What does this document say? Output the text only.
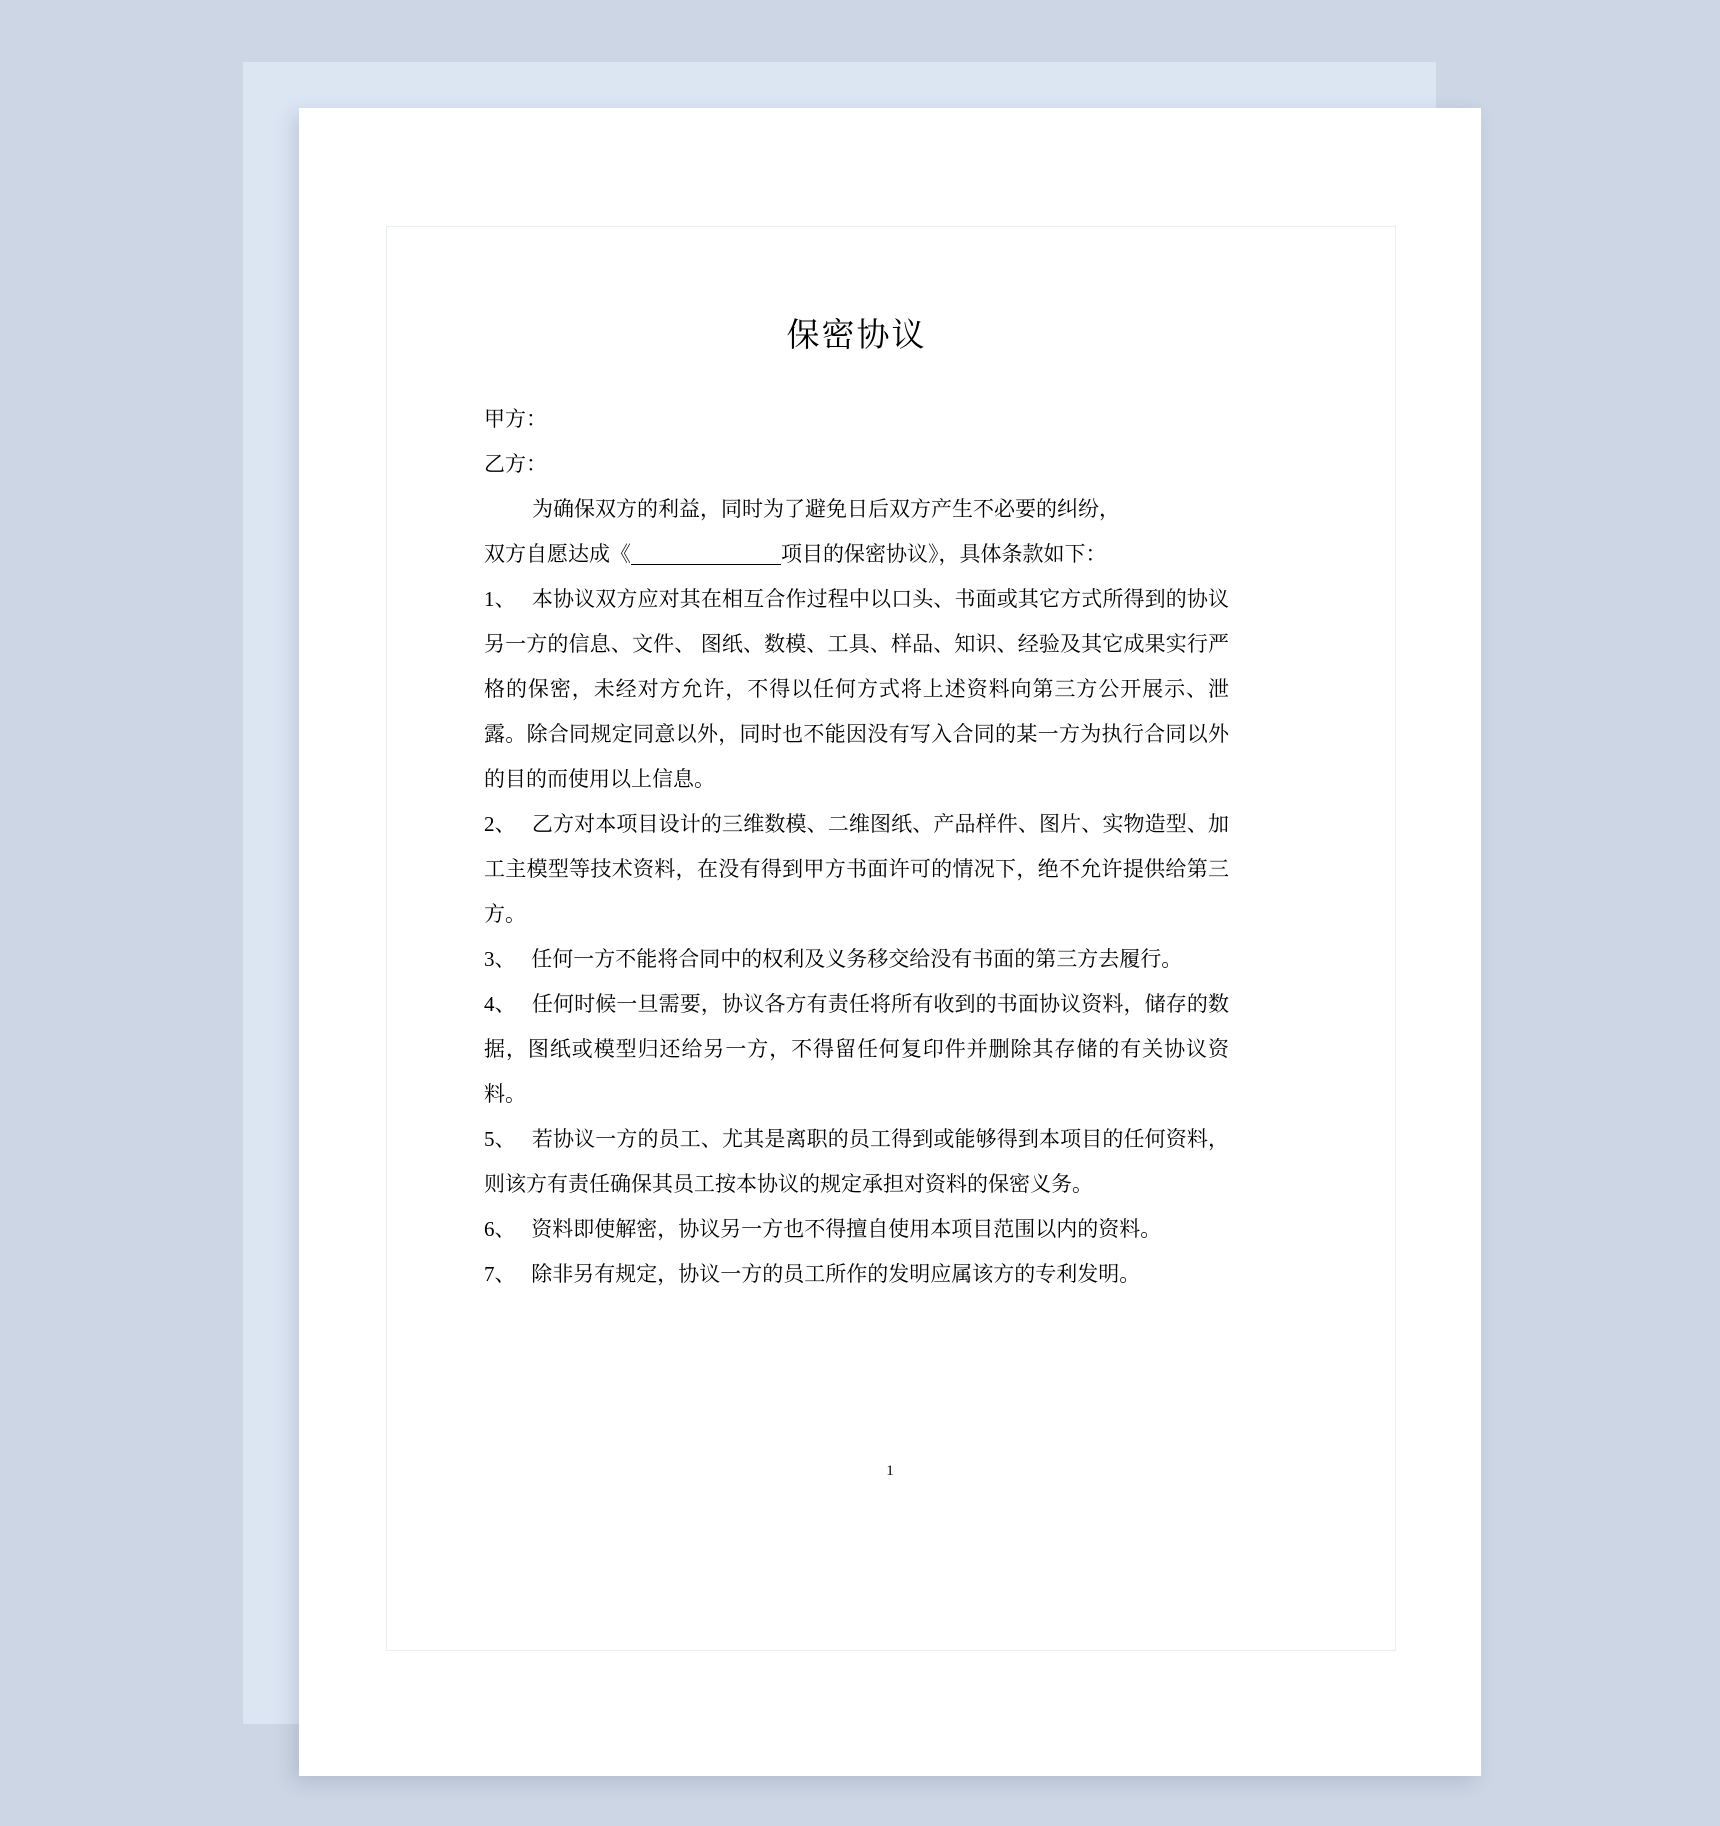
保密协议

甲方：

乙方：

为确保双方的利益，同时为了避免日后双方产生不必要的纠纷，

双方自愿达成《	项目的保密协议》，具体条款如下：

1、 本协议双方应对其在相互合作过程中以口头、书面或其它方式所得到的协议另一方的信息、文件、 图纸、数模、工具、样品、知识、经验及其它成果实行严格的保密，未经对方允许，不得以任何方式将上述资料向第三方公开展示、泄露。除合同规定同意以外，同时也不能因没有写入合同的某一方为执行合同以外的目的而使用以上信息。

2、 乙方对本项目设计的三维数模、二维图纸、产品样件、图片、实物造型、加工主模型等技术资料，在没有得到甲方书面许可的情况下，绝不允许提供给第三方。

3、 任何一方不能将合同中的权利及义务移交给没有书面的第三方去履行。

4、 任何时候一旦需要，协议各方有责任将所有收到的书面协议资料，储存的数据，图纸或模型归还给另一方，不得留任何复印件并删除其存储的有关协议资料。

5、 若协议一方的员工、尤其是离职的员工得到或能够得到本项目的任何资料，则该方有责任确保其员工按本协议的规定承担对资料的保密义务。

6、 资料即使解密，协议另一方也不得擅自使用本项目范围以内的资料。

7、 除非另有规定，协议一方的员工所作的发明应属该方的专利发明。

1
